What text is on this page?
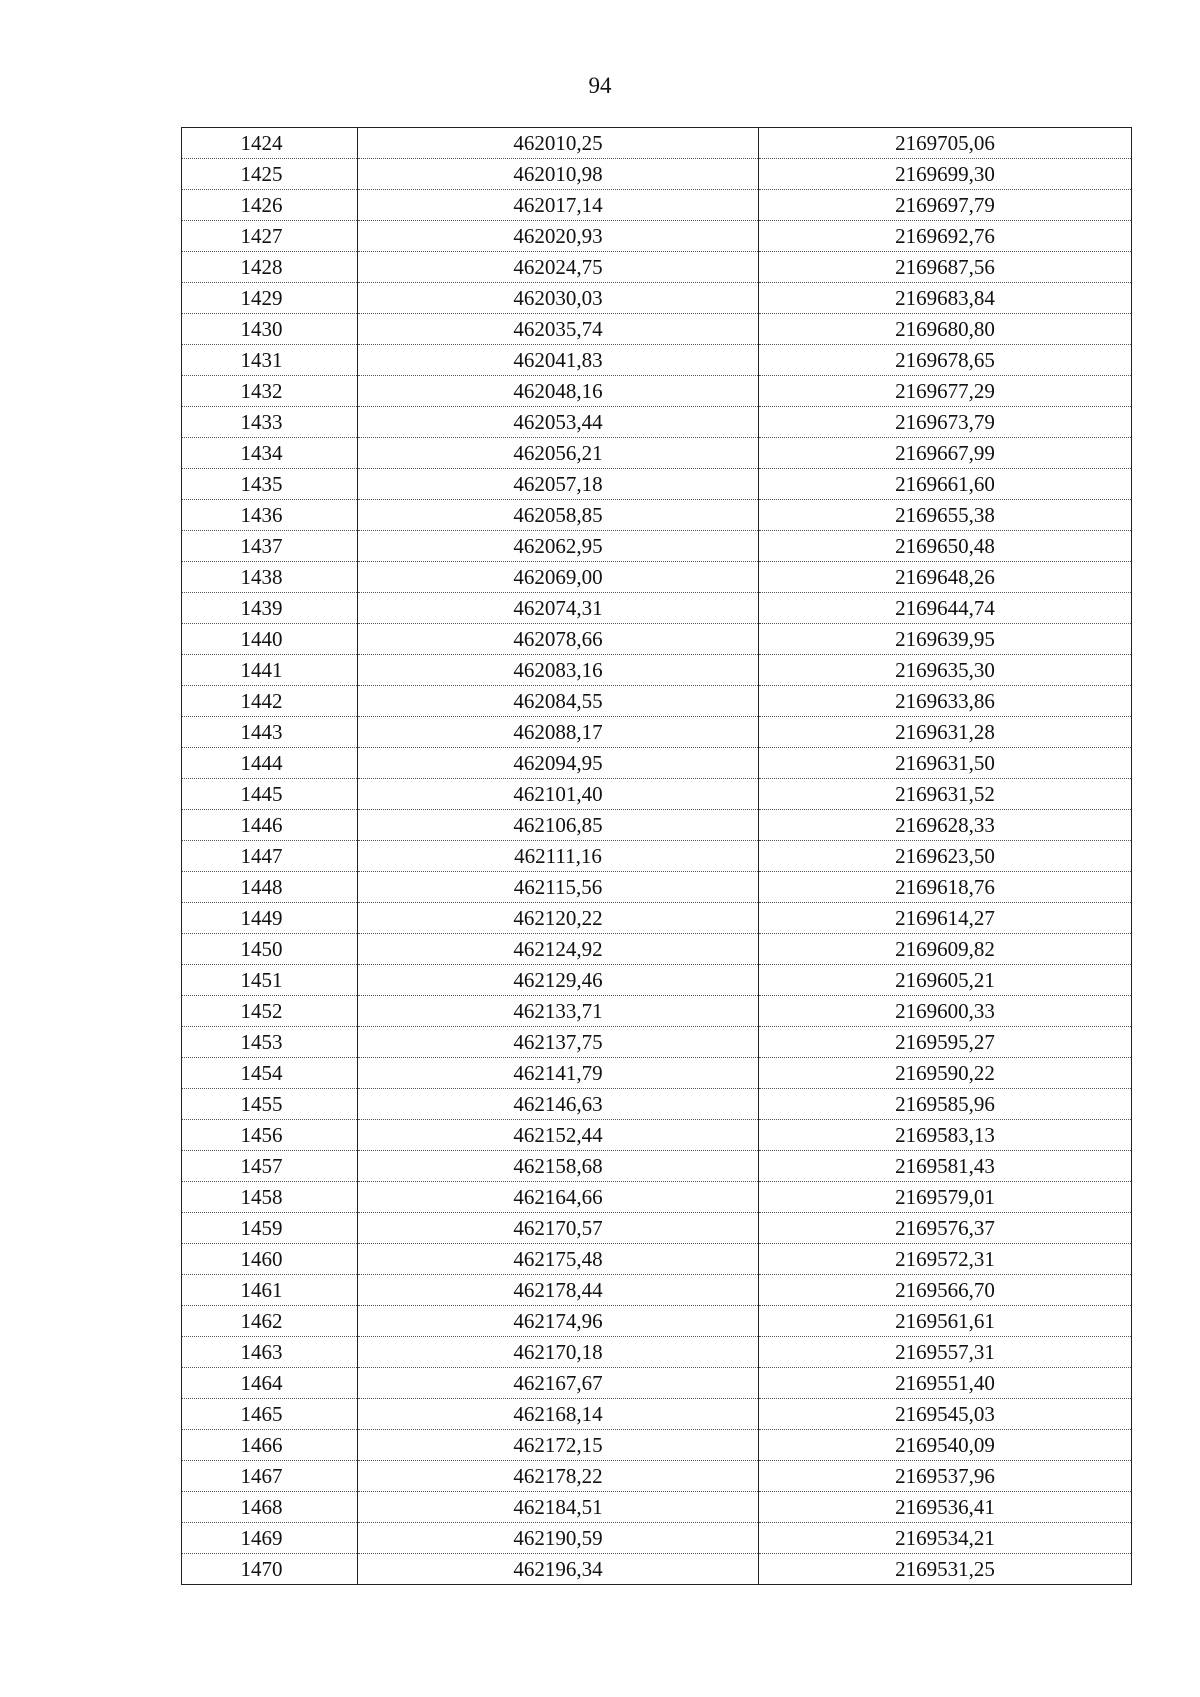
94
1424	462010,25	2169705,06
1425	462010,98	2169699,30
1426	462017,14	2169697,79
1427	462020,93	2169692,76
1428	462024,75	2169687,56
1429	462030,03	2169683,84
1430	462035,74	2169680,80
1431	462041,83	2169678,65
1432	462048,16	2169677,29
1433	462053,44	2169673,79
1434	462056,21	2169667,99
1435	462057,18	2169661,60
1436	462058,85	2169655,38
1437	462062,95	2169650,48
1438	462069,00	2169648,26
1439	462074,31	2169644,74
1440	462078,66	2169639,95
1441	462083,16	2169635,30
1442	462084,55	2169633,86
1443	462088,17	2169631,28
1444	462094,95	2169631,50
1445	462101,40	2169631,52
1446	462106,85	2169628,33
1447	462111,16	2169623,50
1448	462115,56	2169618,76
1449	462120,22	2169614,27
1450	462124,92	2169609,82
1451	462129,46	2169605,21
1452	462133,71	2169600,33
1453	462137,75	2169595,27
1454	462141,79	2169590,22
1455	462146,63	2169585,96
1456	462152,44	2169583,13
1457	462158,68	2169581,43
1458	462164,66	2169579,01
1459	462170,57	2169576,37
1460	462175,48	2169572,31
1461	462178,44	2169566,70
1462	462174,96	2169561,61
1463	462170,18	2169557,31
1464	462167,67	2169551,40
1465	462168,14	2169545,03
1466	462172,15	2169540,09
1467	462178,22	2169537,96
1468	462184,51	2169536,41
1469	462190,59	2169534,21
1470	462196,34	2169531,25
